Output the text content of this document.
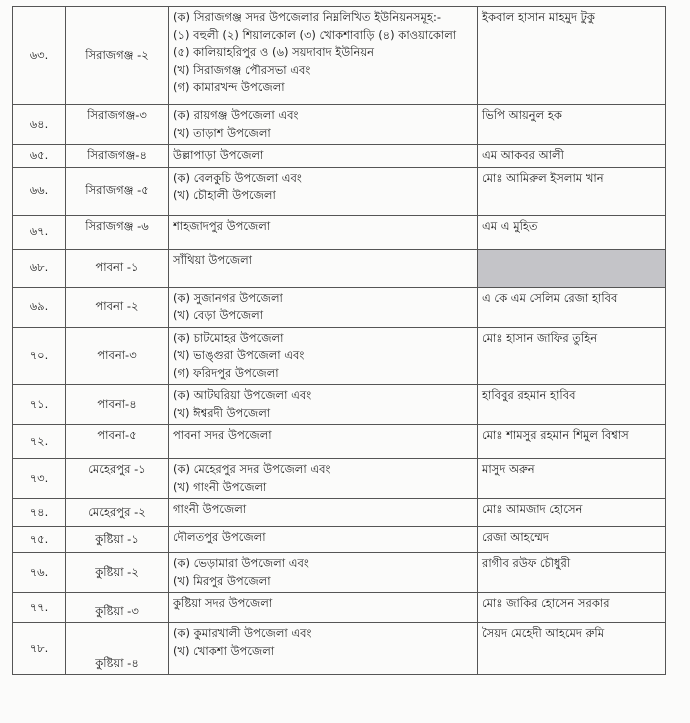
৬৩.	সিরাজগঞ্জ -২	(ক) সিরাজগঞ্জ সদর উপজেলার নিম্নলিখিত ইউনিয়নসমূহ:-
(১) বহুলী (২) শিয়ালকোল (৩) খোকশাবাড়ি (৪) কাওয়াকোলা
(৫) কালিয়াহরিপুর ও (৬) সয়দাবাদ ইউনিয়ন
(খ) সিরাজগঞ্জ পৌরসভা এবং
(গ) কামারখন্দ উপজেলা	ইকবাল হাসান মাহমুদ টুকু
৬৪.	সিরাজগঞ্জ-৩	(ক) রায়গঞ্জ উপজেলা এবং
(খ) তাড়াশ উপজেলা	ভিপি আয়নুল হক
৬৫.	সিরাজগঞ্জ-৪	উল্লাপাড়া উপজেলা	এম আকবর আলী
৬৬.	সিরাজগঞ্জ -৫	(ক) বেলকুচি উপজেলা এবং
(খ) চৌহালী উপজেলা	মোঃ আমিরুল ইসলাম খান
৬৭.	সিরাজগঞ্জ -৬	শাহজাদপুর উপজেলা	এম এ মুহিত
৬৮.	পাবনা -১	সাঁথিয়া উপজেলা	

৬৯.	পাবনা -২	(ক) সুজানগর উপজেলা
(খ) বেড়া উপজেলা	এ কে এম সেলিম রেজা হাবিব
৭০.	পাবনা-৩	(ক) চাটমোহর উপজেলা
(খ) ভাঙ্গুরা উপজেলা এবং
(গ) ফরিদপুর উপজেলা	মোঃ হাসান জাফির তুহিন
৭১.	পাবনা-৪	(ক) আটঘরিয়া উপজেলা এবং
(খ) ঈশ্বরদী উপজেলা	হাবিবুর রহমান হাবিব
৭২.	পাবনা-৫	পাবনা সদর উপজেলা	মোঃ শামসুর রহমান শিমুল বিশ্বাস
৭৩.	মেহেরপুর -১	(ক) মেহেরপুর সদর উপজেলা এবং
(খ) গাংনী উপজেলা	মাসুদ অরুন
৭৪.	মেহেরপুর -২	গাংনী উপজেলা	মোঃ আমজাদ হোসেন
৭৫.	কুষ্টিয়া -১	দৌলতপুর উপজেলা	রেজা আহম্মেদ
৭৬.	কুষ্টিয়া -২	(ক) ভেড়ামারা উপজেলা এবং
(খ) মিরপুর উপজেলা	রাগীব রউফ চৌধুরী
৭৭.	কুষ্টিয়া -৩	কুষ্টিয়া সদর উপজেলা	মোঃ জাকির হোসেন সরকার
৭৮.	কুষ্টিয়া -৪	(ক) কুমারখালী উপজেলা এবং
(খ) খোকশা উপজেলা	সৈয়দ মেহেদী আহমেদ রুমি
